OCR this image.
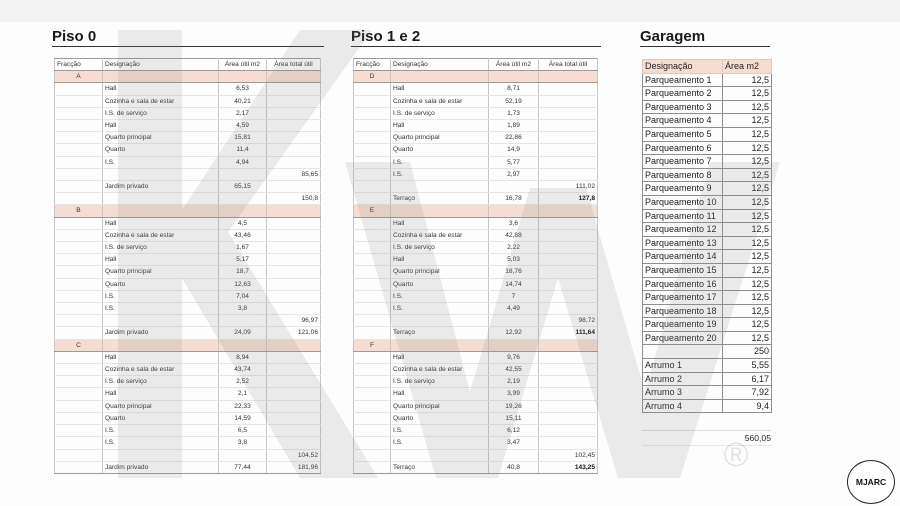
Piso 0
Fracção	Designação	Área útil m2	Área total útil
A			
	Hall	6,53	
	Cozinha e sala de estar	40,21	
	I.S. de serviço	2,17	
	Hall	4,59	
	Quarto principal	15,81	
	Quarto	11,4	
	I.S.	4,94	
			85,65
	Jardim privado	65,15	
			150,8
B			
	Hall	4,5	
	Cozinha e sala de estar	43,46	
	I.S. de serviço	1,67	
	Hall	5,17	
	Quarto principal	18,7	
	Quarto	12,63	
	I.S.	7,04	
	I.S.	3,8	
			96,97
	Jardim privado	24,09	121,06
C			
	Hall	8,94	
	Cozinha e sala de estar	43,74	
	I.S. de serviço	2,52	
	Hall	2,1	
	Quarto principal	22,33	
	Quarto	14,59	
	I.S.	6,5	
	I.S.	3,8	
			104,52
	Jardim privado	77,44	181,96
Piso 1 e 2
Fracção	Designação	Área útil m2	Área total útil
D			
	Hall	8,71	
	Cozinha e sala de estar	52,19	
	I.S. de serviço	1,73	
	Hall	1,89	
	Quarto principal	22,86	
	Quarto	14,9	
	I.S.	5,77	
	I.S.	2,97	
			111,02
	Terraço	16,78	127,8
E			
	Hall	3,6	
	Cozinha e sala de estar	42,88	
	I.S. de serviço	2,22	
	Hall	5,03	
	Quarto principal	18,76	
	Quarto	14,74	
	I.S.	7	
	I.S.	4,49	
			98,72
	Terraço	12,92	111,64
F			
	Hall	9,76	
	Cozinha e sala de estar	42,55	
	I.S. de serviço	2,19	
	Hall	3,99	
	Quarto principal	19,26	
	Quarto	15,11	
	I.S.	6,12	
	I.S.	3,47	
			102,45
	Terraço	40,8	143,25
Garagem
Designação	Área m2
Parqueamento 1	12,5
Parqueamento 2	12,5
Parqueamento 3	12,5
Parqueamento 4	12,5
Parqueamento 5	12,5
Parqueamento 6	12,5
Parqueamento 7	12,5
Parqueamento 8	12,5
Parqueamento 9	12,5
Parqueamento 10	12,5
Parqueamento 11	12,5
Parqueamento 12	12,5
Parqueamento 13	12,5
Parqueamento 14	12,5
Parqueamento 15	12,5
Parqueamento 16	12,5
Parqueamento 17	12,5
Parqueamento 18	12,5
Parqueamento 19	12,5
Parqueamento 20	12,5
	250
Arrumo 1	5,55
Arrumo 2	6,17
Arrumo 3	7,92
Arrumo 4	9,4
560,05
®
MJARC
